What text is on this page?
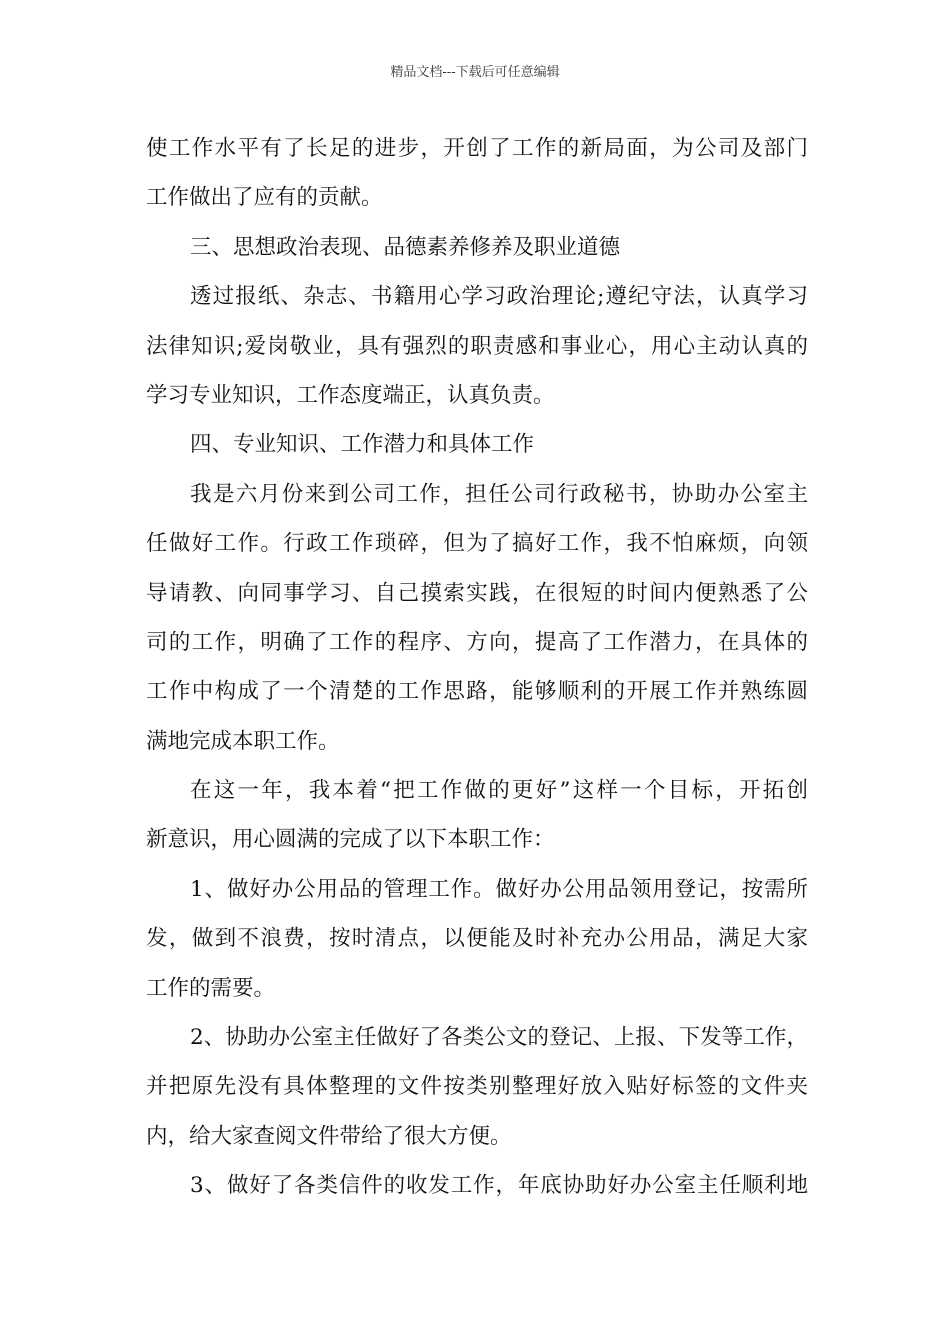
精品文档---下载后可任意编辑
使工作水平有了长足的进步，开创了工作的新局面，为公司及部门
工作做出了应有的贡献。
三、思想政治表现、品德素养修养及职业道德
透过报纸、杂志、书籍用心学习政治理论;遵纪守法，认真学习
法律知识;爱岗敬业，具有强烈的职责感和事业心，用心主动认真的
学习专业知识，工作态度端正，认真负责。
四、专业知识、工作潜力和具体工作
我是六月份来到公司工作，担任公司行政秘书，协助办公室主
任做好工作。行政工作琐碎，但为了搞好工作，我不怕麻烦，向领
导请教、向同事学习、自己摸索实践，在很短的时间内便熟悉了公
司的工作，明确了工作的程序、方向，提高了工作潜力，在具体的
工作中构成了一个清楚的工作思路，能够顺利的开展工作并熟练圆
满地完成本职工作。
在这一年，我本着“把工作做的更好”这样一个目标，开拓创
新意识，用心圆满的完成了以下本职工作：
1、做好办公用品的管理工作。做好办公用品领用登记，按需所
发，做到不浪费，按时清点，以便能及时补充办公用品，满足大家
工作的需要。
2、协助办公室主任做好了各类公文的登记、上报、下发等工作，
并把原先没有具体整理的文件按类别整理好放入贴好标签的文件夹
内，给大家查阅文件带给了很大方便。
3、做好了各类信件的收发工作，年底协助好办公室主任顺利地
